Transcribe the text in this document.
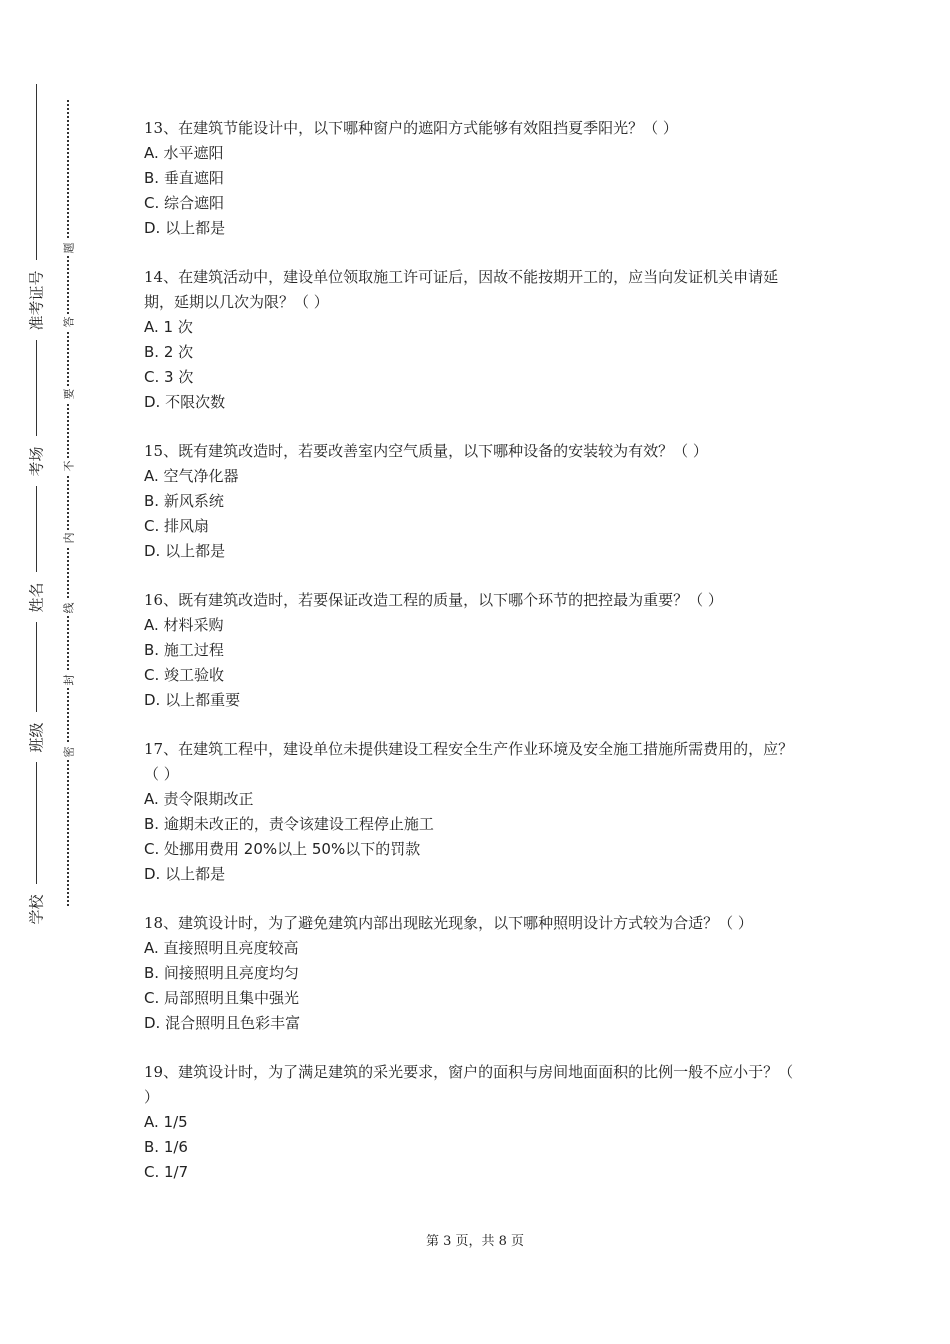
准考证号
考场
姓名
班级
学校
题
答
要
不
内
线
封
密

13、在建筑节能设计中，以下哪种窗户的遮阳方式能够有效阻挡夏季阳光？（ ）

A. 水平遮阳

B. 垂直遮阳

C. 综合遮阳

D. 以上都是

14、在建筑活动中，建设单位领取施工许可证后，因故不能按期开工的，应当向发证机关申请延期，延期以几次为限？（ ）

A. 1 次

B. 2 次

C. 3 次

D. 不限次数

15、既有建筑改造时，若要改善室内空气质量，以下哪种设备的安装较为有效？（ ）

A. 空气净化器

B. 新风系统

C. 排风扇

D. 以上都是

16、既有建筑改造时，若要保证改造工程的质量，以下哪个环节的把控最为重要？（ ）

A. 材料采购

B. 施工过程

C. 竣工验收

D. 以上都重要

17、在建筑工程中，建设单位未提供建设工程安全生产作业环境及安全施工措施所需费用的，应？（ ）

A. 责令限期改正

B. 逾期未改正的，责令该建设工程停止施工

C. 处挪用费用 20%以上 50%以下的罚款

D. 以上都是

18、建筑设计时，为了避免建筑内部出现眩光现象，以下哪种照明设计方式较为合适？（ ）

A. 直接照明且亮度较高

B. 间接照明且亮度均匀

C. 局部照明且集中强光

D. 混合照明且色彩丰富

19、建筑设计时，为了满足建筑的采光要求，窗户的面积与房间地面面积的比例一般不应小于？（ ）

A. 1/5

B. 1/6

C. 1/7

第 3 页，共 8 页
